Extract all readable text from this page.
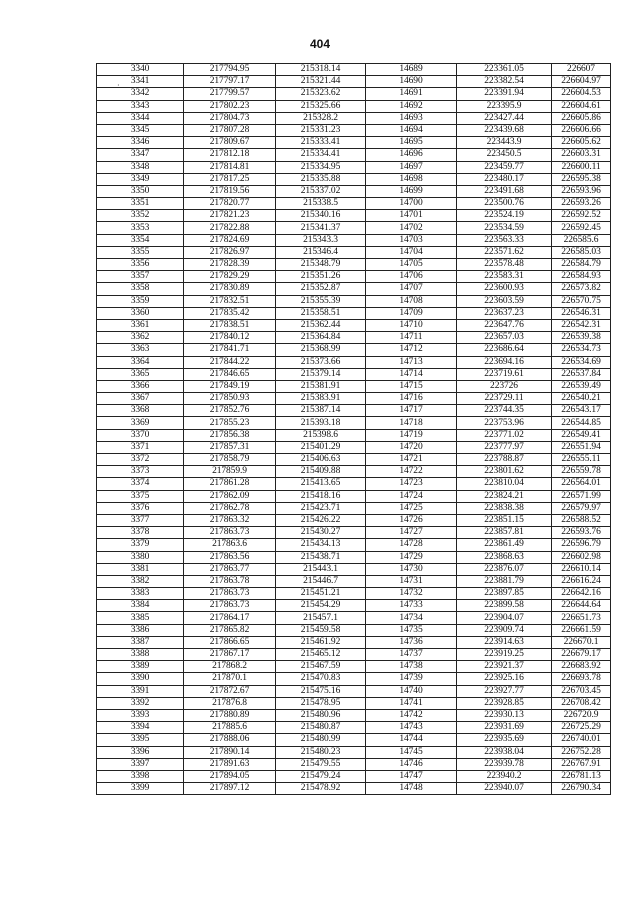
404
·
3340	217794.95	215318.14	14689	223361.05	226607
3341	217797.17	215321.44	14690	223382.54	226604.97
3342	217799.57	215323.62	14691	223391.94	226604.53
3343	217802.23	215325.66	14692	223395.9	226604.61
3344	217804.73	215328.2	14693	223427.44	226605.86
3345	217807.28	215331.23	14694	223439.68	226606.66
3346	217809.67	215333.41	14695	223443.9	226605.62
3347	217812.18	215334.41	14696	223450.5	226603.31
3348	217814.81	215334.95	14697	223459.77	226600.11
3349	217817.25	215335.88	14698	223480.17	226595.38
3350	217819.56	215337.02	14699	223491.68	226593.96
3351	217820.77	215338.5	14700	223500.76	226593.26
3352	217821.23	215340.16	14701	223524.19	226592.52
3353	217822.88	215341.37	14702	223534.59	226592.45
3354	217824.69	215343.3	14703	223563.33	226585.6
3355	217826.97	215346.4	14704	223571.62	226585.03
3356	217828.39	215348.79	14705	223578.48	226584.79
3357	217829.29	215351.26	14706	223583.31	226584.93
3358	217830.89	215352.87	14707	223600.93	226573.82
3359	217832.51	215355.39	14708	223603.59	226570.75
3360	217835.42	215358.51	14709	223637.23	226546.31
3361	217838.51	215362.44	14710	223647.76	226542.31
3362	217840.12	215364.84	14711	223657.03	226539.38
3363	217841.71	215368.99	14712	223686.64	226534.73
3364	217844.22	215373.66	14713	223694.16	226534.69
3365	217846.65	215379.14	14714	223719.61	226537.84
3366	217849.19	215381.91	14715	223726	226539.49
3367	217850.93	215383.91	14716	223729.11	226540.21
3368	217852.76	215387.14	14717	223744.35	226543.17
3369	217855.23	215393.18	14718	223753.96	226544.85
3370	217856.38	215398.6	14719	223771.02	226549.41
3371	217857.31	215401.29	14720	223777.97	226551.94
3372	217858.79	215406.63	14721	223788.87	226555.11
3373	217859.9	215409.88	14722	223801.62	226559.78
3374	217861.28	215413.65	14723	223810.04	226564.01
3375	217862.09	215418.16	14724	223824.21	226571.99
3376	217862.78	215423.71	14725	223838.38	226579.97
3377	217863.32	215426.22	14726	223851.15	226588.52
3378	217863.73	215430.27	14727	223857.81	226593.76
3379	217863.6	215434.13	14728	223861.49	226596.79
3380	217863.56	215438.71	14729	223868.63	226602.98
3381	217863.77	215443.1	14730	223876.07	226610.14
3382	217863.78	215446.7	14731	223881.79	226616.24
3383	217863.73	215451.21	14732	223897.85	226642.16
3384	217863.73	215454.29	14733	223899.58	226644.64
3385	217864.17	215457.1	14734	223904.07	226651.73
3386	217865.82	215459.58	14735	223909.74	226661.59
3387	217866.65	215461.92	14736	223914.63	226670.1
3388	217867.17	215465.12	14737	223919.25	226679.17
3389	217868.2	215467.59	14738	223921.37	226683.92
3390	217870.1	215470.83	14739	223925.16	226693.78
3391	217872.67	215475.16	14740	223927.77	226703.45
3392	217876.8	215478.95	14741	223928.85	226708.42
3393	217880.89	215480.96	14742	223930.13	226720.9
3394	217885.6	215480.87	14743	223931.69	226725.29
3395	217888.06	215480.99	14744	223935.69	226740.01
3396	217890.14	215480.23	14745	223938.04	226752.28
3397	217891.63	215479.55	14746	223939.78	226767.91
3398	217894.05	215479.24	14747	223940.2	226781.13
3399	217897.12	215478.92	14748	223940.07	226790.34
